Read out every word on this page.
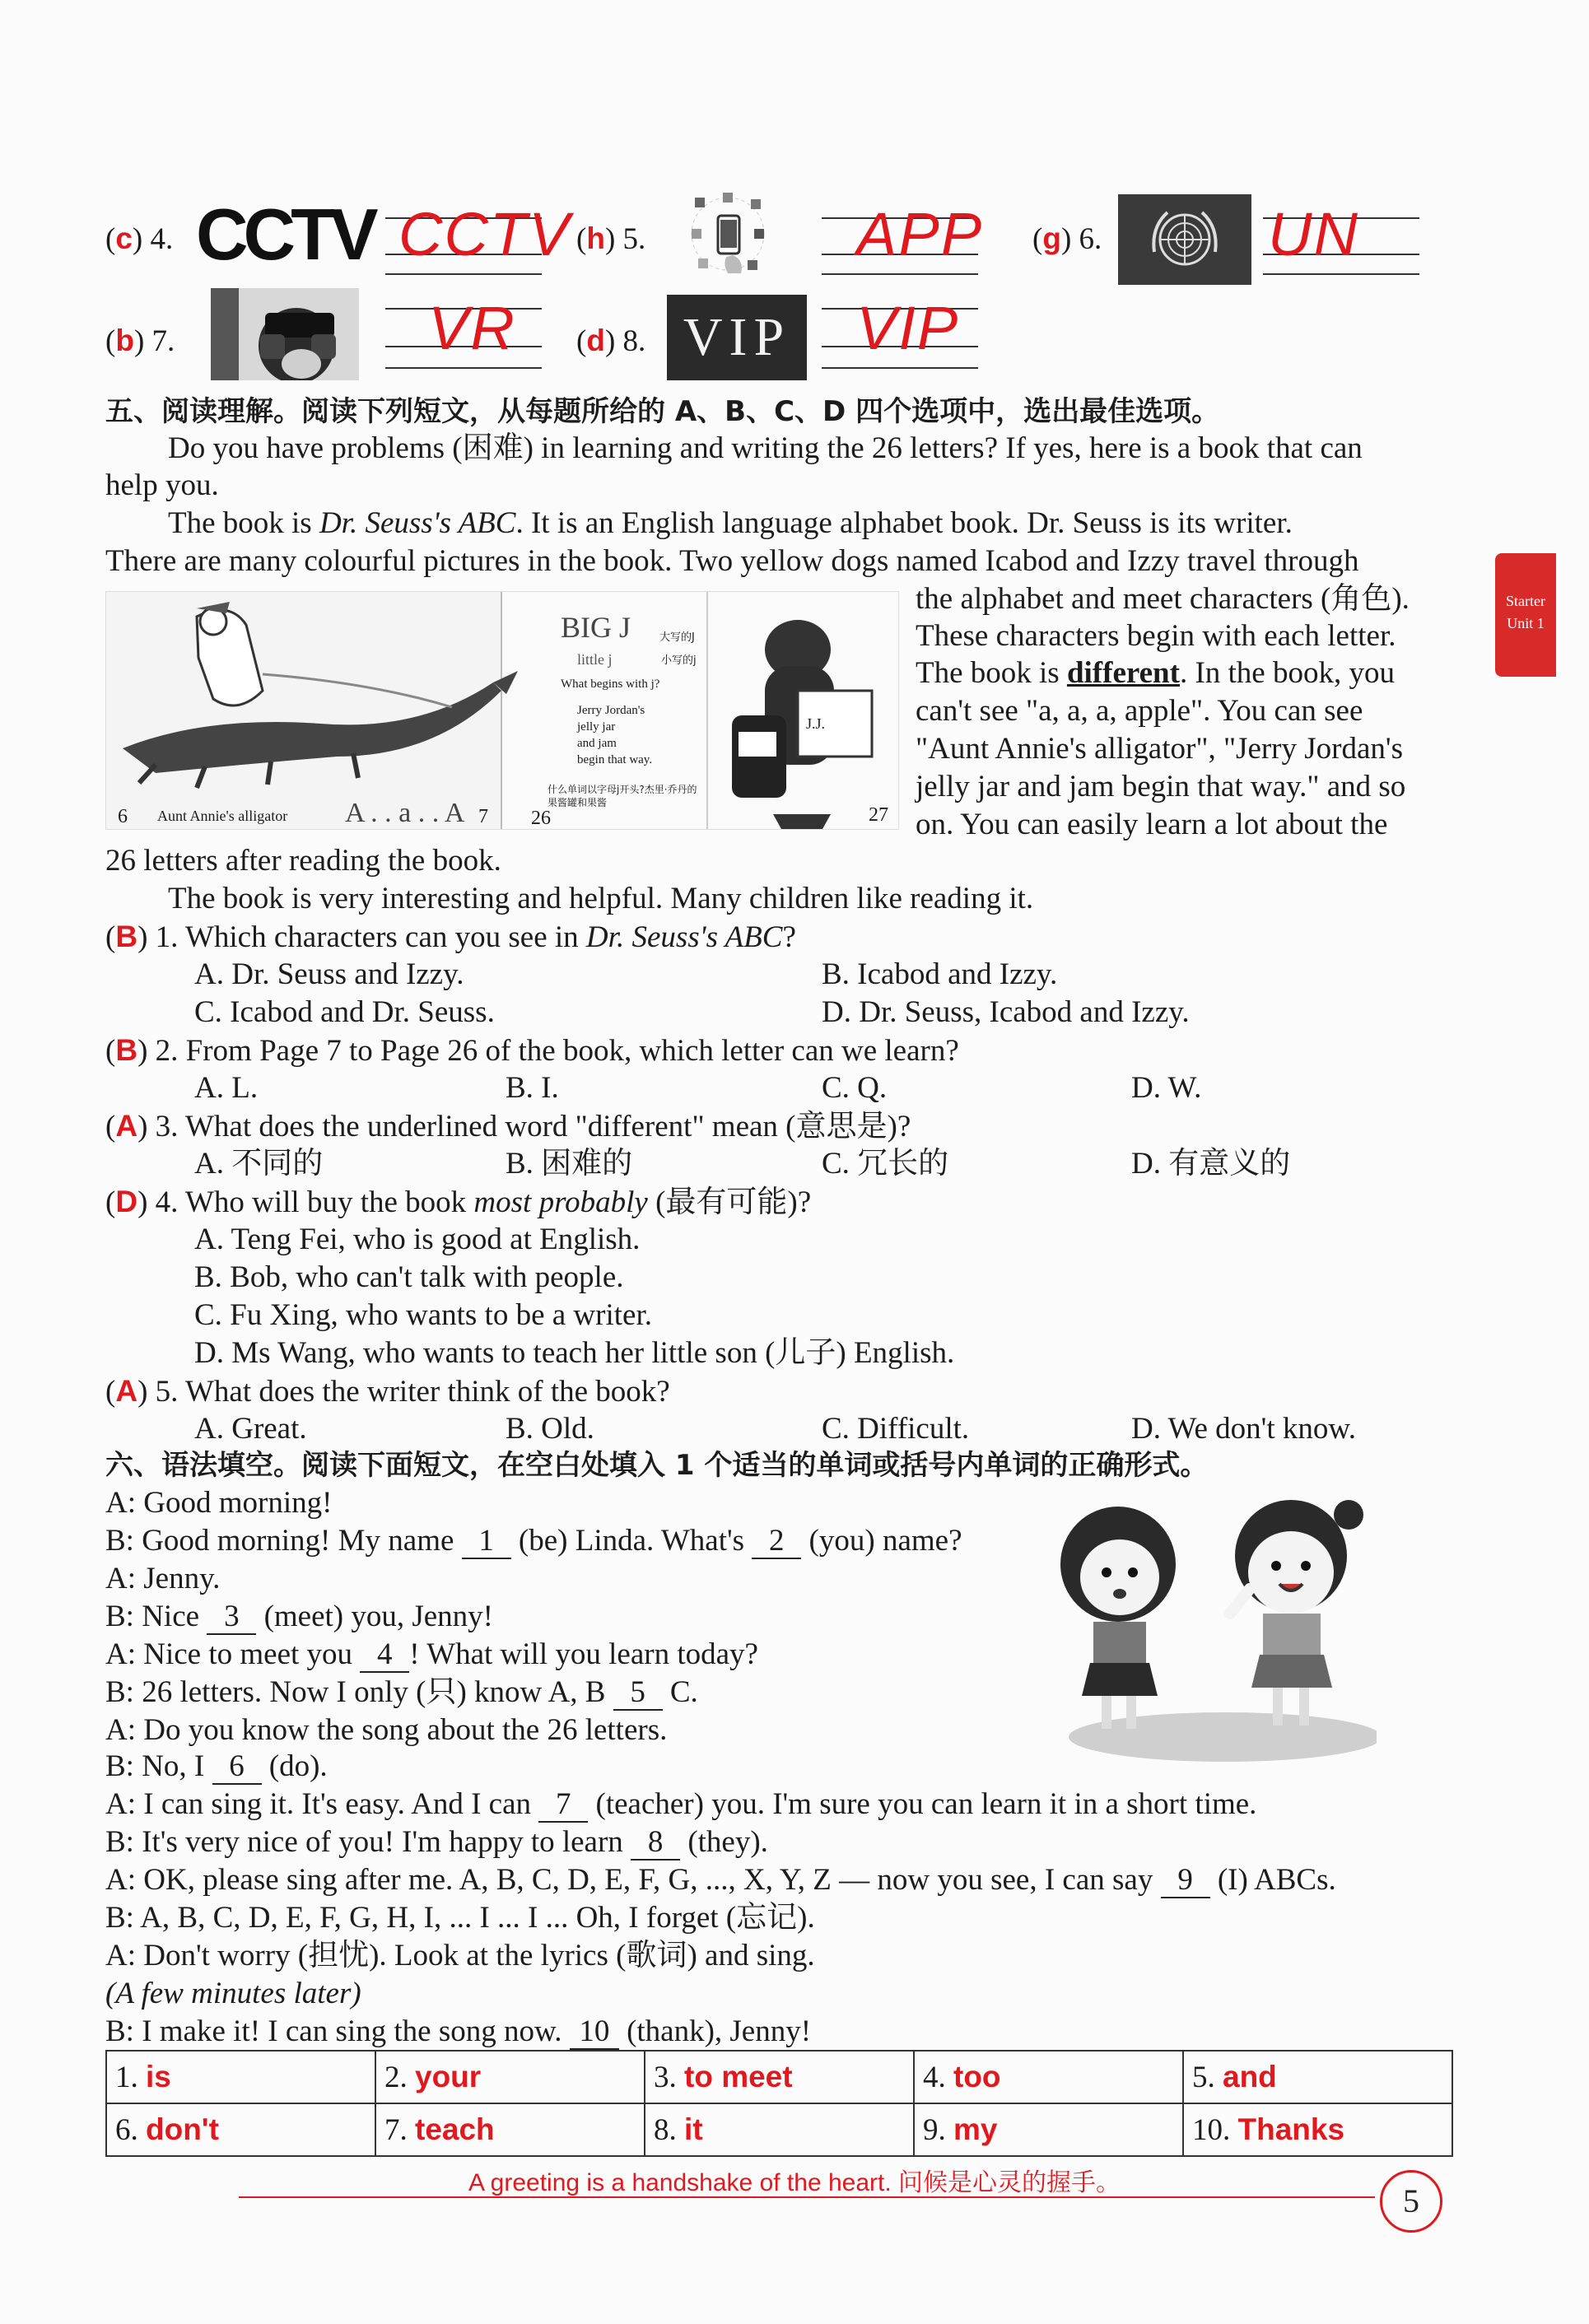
(c) 4. CCTV CCTV (h) 5.	APP (g) 6.	UN
(b) 7.	VR (d) 8. VIP VIP
五、阅读理解。阅读下列短文，从每题所给的 A、B、C、D 四个选项中，选出最佳选项。
Do you have problems (困难) in learning and writing the 26 letters? If yes, here is a book that can
help you.
The book is Dr. Seuss's ABC. It is an English language alphabet book. Dr. Seuss is its writer.
There are many colourful pictures in the book. Two yellow dogs named Icabod and Izzy travel through
6 Aunt Annie's alligator A . . a . . A 7
BIG J	大写的J
little j	小写的j
What begins with j?
Jerry Jordan's
jelly jar
and jam
begin that way.
什么单词以字母j开头?杰里·乔丹的果酱罐和果酱
26	27
J.J.
the alphabet and meet characters (角色).
These characters begin with each letter.
The book is different. In the book, you
can't see "a, a, a, apple". You can see
"Aunt Annie's alligator", "Jerry Jordan's
jelly jar and jam begin that way." and so
on. You can easily learn a lot about the
26 letters after reading the book.
The book is very interesting and helpful. Many children like reading it.
(B) 1. Which characters can you see in Dr. Seuss's ABC?
A. Dr. Seuss and Izzy.	B. Icabod and Izzy.
C. Icabod and Dr. Seuss.	D. Dr. Seuss, Icabod and Izzy.
(B) 2. From Page 7 to Page 26 of the book, which letter can we learn?
A. L.	B. I.	C. Q.	D. W.
(A) 3. What does the underlined word "different" mean (意思是)?
A. 不同的	B. 困难的	C. 冗长的	D. 有意义的
(D) 4. Who will buy the book most probably (最有可能)?
A. Teng Fei, who is good at English.
B. Bob, who can't talk with people.
C. Fu Xing, who wants to be a writer.
D. Ms Wang, who wants to teach her little son (儿子) English.
(A) 5. What does the writer think of the book?
A. Great.	B. Old.	C. Difficult.	D. We don't know.
六、语法填空。阅读下面短文，在空白处填入 1 个适当的单词或括号内单词的正确形式。
A: Good morning!
B: Good morning! My name 1 (be) Linda. What's 2 (you) name?
A: Jenny.
B: Nice 3 (meet) you, Jenny!
A: Nice to meet you 4 ! What will you learn today?
B: 26 letters. Now I only (只) know A, B 5 C.
A: Do you know the song about the 26 letters.
B: No, I 6 (do).
A: I can sing it. It's easy. And I can 7 (teacher) you. I'm sure you can learn it in a short time.
B: It's very nice of you! I'm happy to learn 8 (they).
A: OK, please sing after me. A, B, C, D, E, F, G, ..., X, Y, Z — now you see, I can say 9 (I) ABCs.
B: A, B, C, D, E, F, G, H, I, ... I ... I ... Oh, I forget (忘记).
A: Don't worry (担忧). Look at the lyrics (歌词) and sing.
(A few minutes later)
B: I make it! I can sing the song now. 10 (thank), Jenny!
1. is	2. your	3. to meet	4. too	5. and
6. don't	7. teach	8. it	9. my	10. Thanks
A greeting is a handshake of the heart. 问候是心灵的握手。	5
Starter
Unit 1
